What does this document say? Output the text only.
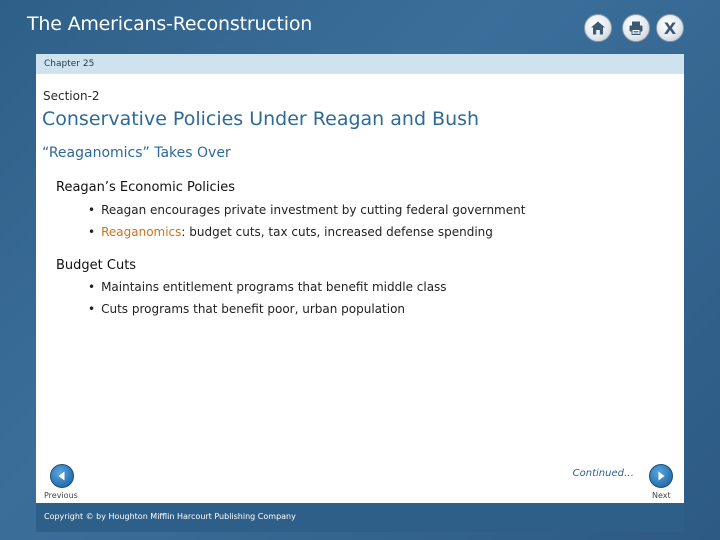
The Americans-Reconstruction	X
Chapter 25
Section-2
Conservative Policies Under Reagan and Bush
“Reaganomics” Takes Over
Reagan’s Economic Policies
• Reagan encourages private investment by cutting federal government
• Reaganomics: budget cuts, tax cuts, increased defense spending
Budget Cuts
• Maintains entitlement programs that benefit middle class
• Cuts programs that benefit poor, urban population
Continued…
Previous	Next
Copyright © by Houghton Mifflin Harcourt Publishing Company
